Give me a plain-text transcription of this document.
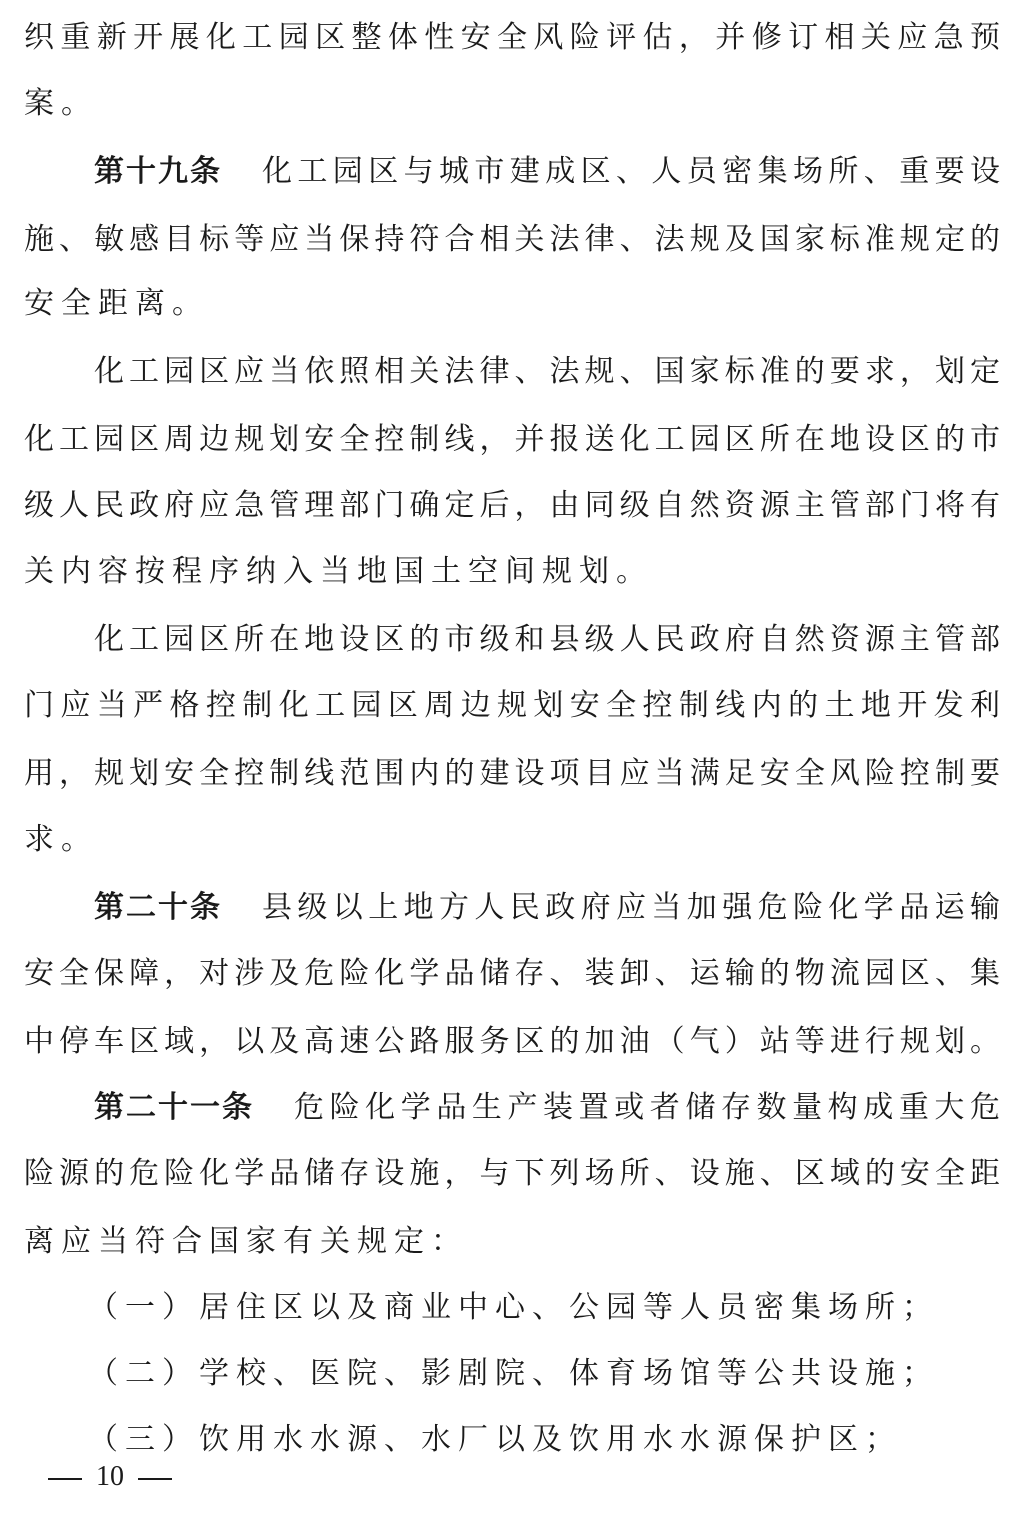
织重新开展化工园区整体性安全风险评估，并修订相关应急预
案。
第十九条 化工园区与城市建成区、人员密集场所、重要设
施、敏感目标等应当保持符合相关法律、法规及国家标准规定的
安全距离。
化工园区应当依照相关法律、法规、国家标准的要求，划定
化工园区周边规划安全控制线，并报送化工园区所在地设区的市
级人民政府应急管理部门确定后，由同级自然资源主管部门将有
关内容按程序纳入当地国土空间规划。
化工园区所在地设区的市级和县级人民政府自然资源主管部
门应当严格控制化工园区周边规划安全控制线内的土地开发利
用，规划安全控制线范围内的建设项目应当满足安全风险控制要
求。
第二十条 县级以上地方人民政府应当加强危险化学品运输
安全保障，对涉及危险化学品储存、装卸、运输的物流园区、集
中停车区域，以及高速公路服务区的加油（气）站等进行规划。
第二十一条 危险化学品生产装置或者储存数量构成重大危
险源的危险化学品储存设施，与下列场所、设施、区域的安全距
离应当符合国家有关规定：
（一）居住区以及商业中心、公园等人员密集场所；
（二）学校、医院、影剧院、体育场馆等公共设施；
（三）饮用水水源、水厂以及饮用水水源保护区；
10
